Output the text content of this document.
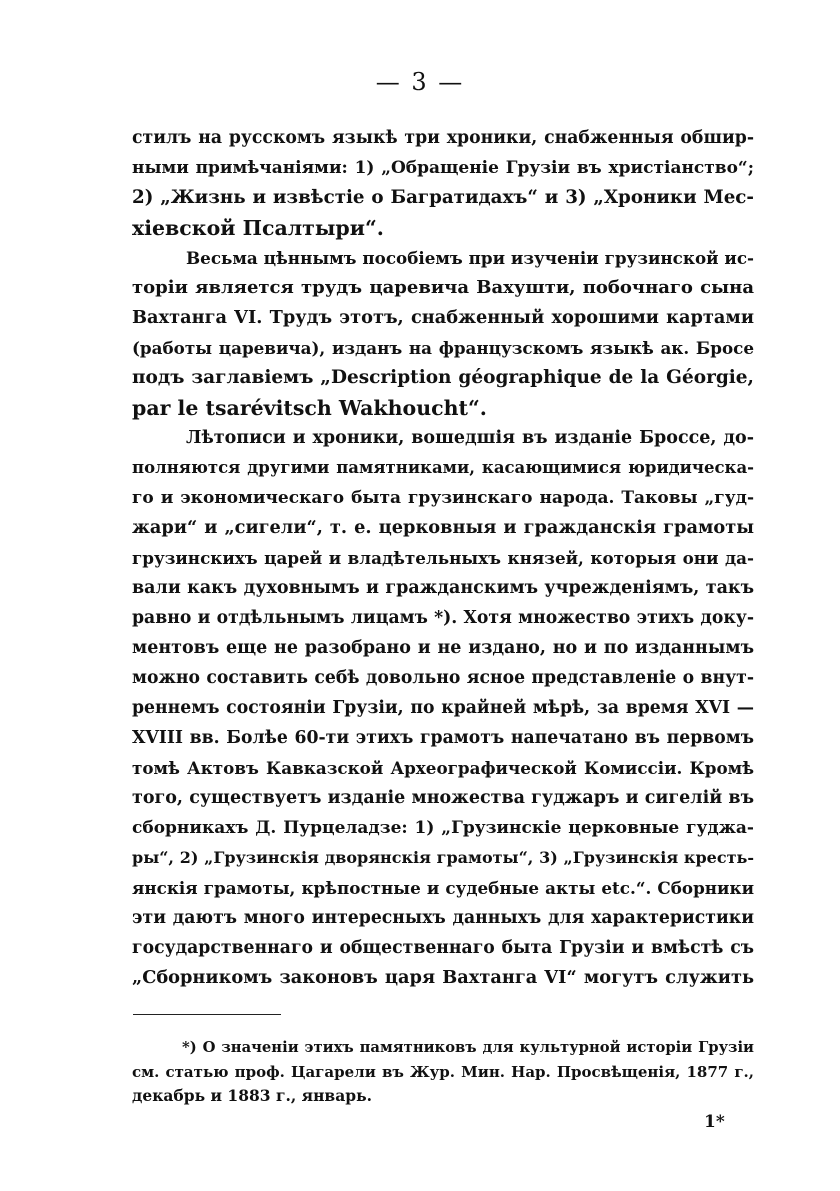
— 3 —
стилъ на русскомъ языкѣ три хроники, снабженныя обшир-
ными примѣчаніями: 1) „Обращеніе Грузіи въ христіанство“;
2) „Жизнь и извѣстіе о Багратидахъ“ и 3) „Хроники Мес-
хіевской Псалтыри“.
Весьма цѣннымъ пособіемъ при изученіи грузинской ис-
торіи является трудъ царевича Вахушти, побочнаго сына
Вахтанга VI. Трудъ этотъ, снабженный хорошими картами
(работы царевича), изданъ на французскомъ языкѣ ак. Бросе
подъ заглавіемъ „Description géographique de la Géorgie,
par le tsarévitsch Wakhoucht“.
Лѣтописи и хроники, вошедшія въ изданіе Броссе, до-
полняются другими памятниками, касающимися юридическа-
го и экономическаго быта грузинскаго народа. Таковы „гуд-
жари“ и „сигели“, т. е. церковныя и гражданскія грамоты
грузинскихъ царей и владѣтельныхъ князей, которыя они да-
вали какъ духовнымъ и гражданскимъ учрежденіямъ, такъ
равно и отдѣльнымъ лицамъ *). Хотя множество этихъ доку-
ментовъ еще не разобрано и не издано, но и по изданнымъ
можно составить себѣ довольно ясное представленіе о внут-
реннемъ состояніи Грузіи, по крайней мѣрѣ, за время XVI —
XVIII вв. Болѣе 60-ти этихъ грамотъ напечатано въ первомъ
томѣ Актовъ Кавказской Археографической Комиссіи. Кромѣ
того, существуетъ изданіе множества гуджаръ и сигелій въ
сборникахъ Д. Пурцеладзе: 1) „Грузинскіе церковные гуджа-
ры“, 2) „Грузинскія дворянскія грамоты“, 3) „Грузинскія кресть-
янскія грамоты, крѣпостные и судебные акты etc.“. Сборники
эти даютъ много интересныхъ данныхъ для характеристики
государственнаго и общественнаго быта Грузіи и вмѣстѣ съ
„Сборникомъ законовъ царя Вахтанга VI“ могутъ служить
*) О значеніи этихъ памятниковъ для культурной исторіи Грузіи
см. статью проф. Цагарели въ Жур. Мин. Нар. Просвѣщенія, 1877 г.,
декабрь и 1883 г., январь.
1*
